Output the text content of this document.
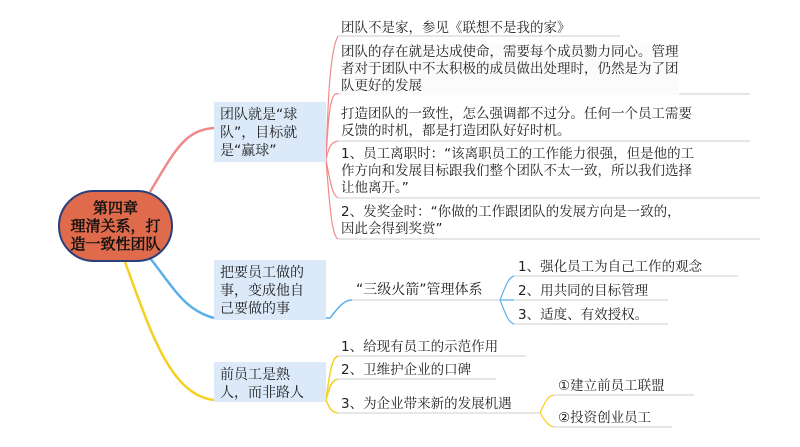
第四章
理清关系，打
造一致性团队
团队就是“球
队”，目标就
是“赢球”
团队不是家，参见《联想不是我的家》
团队的存在就是达成使命，需要每个成员勠力同心。管理
者对于团队中不太积极的成员做出处理时，仍然是为了团
队更好的发展
打造团队的一致性，怎么强调都不过分。任何一个员工需要
反馈的时机，都是打造团队好好时机。
1、员工离职时：“该离职员工的工作能力很强，但是他的工
作方向和发展目标跟我们整个团队不太一致，所以我们选择
让他离开。”
2、发奖金时：“你做的工作跟团队的发展方向是一致的，
因此会得到奖赏”
把要员工做的
事，变成他自
己要做的事
“三级火箭”管理体系
1、强化员工为自己工作的观念
2、用共同的目标管理
3、适度、有效授权。
前员工是熟
人，而非路人
1、给现有员工的示范作用
2、卫维护企业的口碑
3、为企业带来新的发展机遇
①建立前员工联盟
②投资创业员工
